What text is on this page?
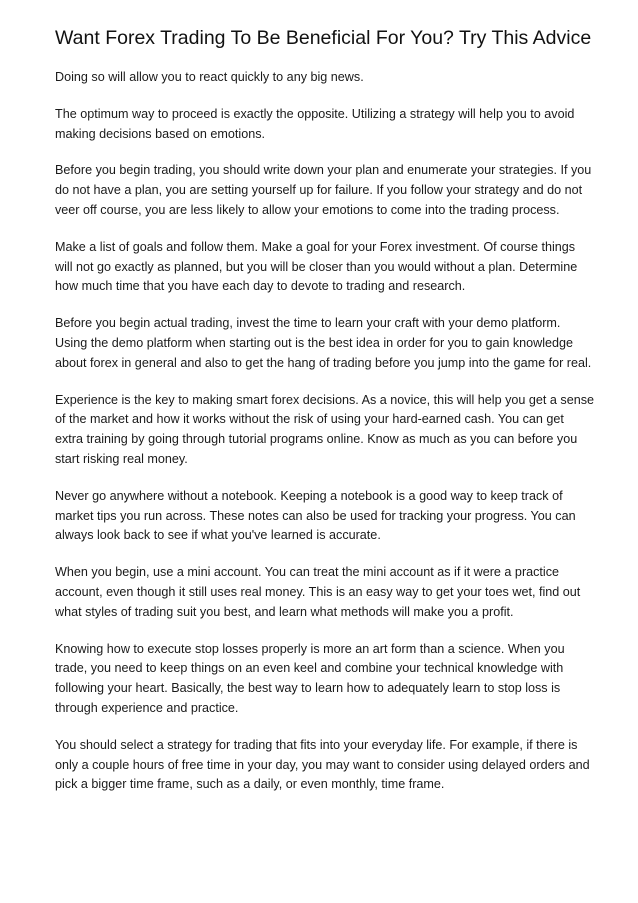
Want Forex Trading To Be Beneficial For You? Try This Advice

Doing so will allow you to react quickly to any big news.

The optimum way to proceed is exactly the opposite. Utilizing a strategy will help you to avoid making decisions based on emotions.

Before you begin trading, you should write down your plan and enumerate your strategies. If you do not have a plan, you are setting yourself up for failure. If you follow your strategy and do not veer off course, you are less likely to allow your emotions to come into the trading process.

Make a list of goals and follow them. Make a goal for your Forex investment. Of course things will not go exactly as planned, but you will be closer than you would without a plan. Determine how much time that you have each day to devote to trading and research.

Before you begin actual trading, invest the time to learn your craft with your demo platform. Using the demo platform when starting out is the best idea in order for you to gain knowledge about forex in general and also to get the hang of trading before you jump into the game for real.

Experience is the key to making smart forex decisions. As a novice, this will help you get a sense of the market and how it works without the risk of using your hard-earned cash. You can get extra training by going through tutorial programs online. Know as much as you can before you start risking real money.

Never go anywhere without a notebook. Keeping a notebook is a good way to keep track of market tips you run across. These notes can also be used for tracking your progress. You can always look back to see if what you've learned is accurate.

When you begin, use a mini account. You can treat the mini account as if it were a practice account, even though it still uses real money. This is an easy way to get your toes wet, find out what styles of trading suit you best, and learn what methods will make you a profit.

Knowing how to execute stop losses properly is more an art form than a science. When you trade, you need to keep things on an even keel and combine your technical knowledge with following your heart. Basically, the best way to learn how to adequately learn to stop loss is through experience and practice.

You should select a strategy for trading that fits into your everyday life. For example, if there is only a couple hours of free time in your day, you may want to consider using delayed orders and pick a bigger time frame, such as a daily, or even monthly, time frame.
